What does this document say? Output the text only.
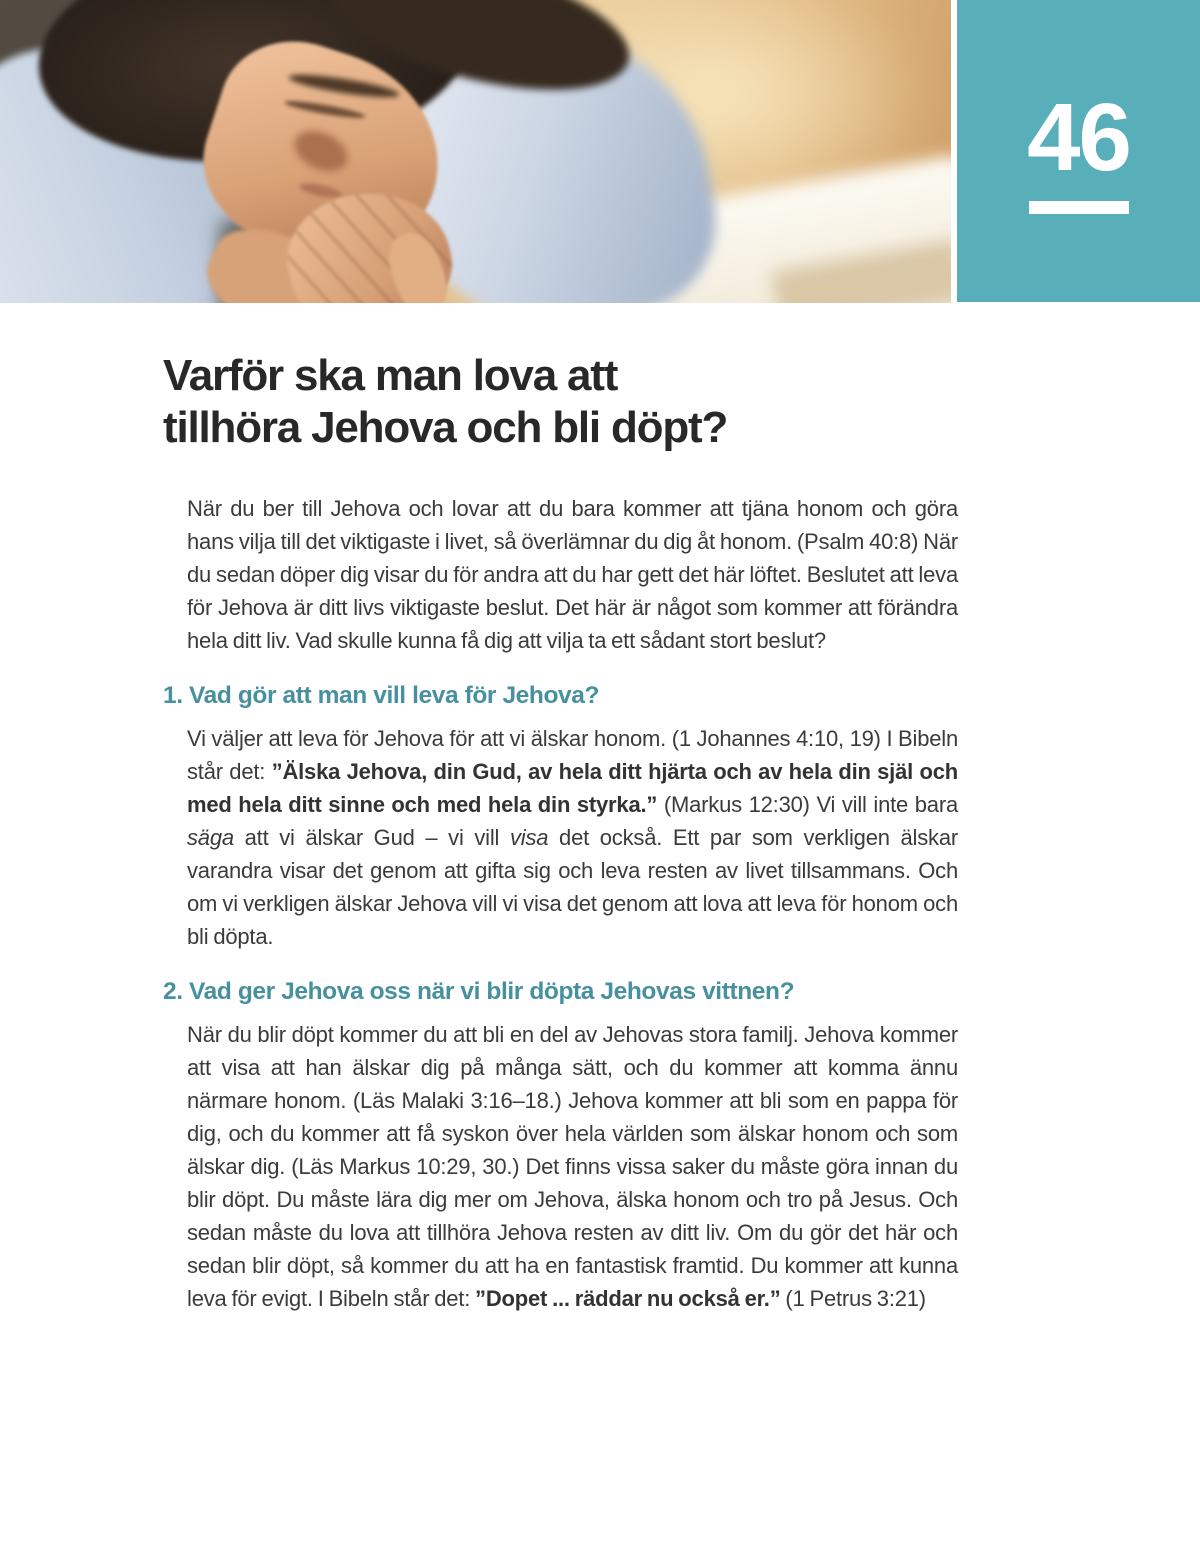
46
Varför ska man lova att
tillhöra Jehova och bli döpt?

När du ber till Jehova och lovar att du bara kommer att tjäna honom och göra hans vilja till det viktigaste i livet, så överlämnar du dig åt honom. (Psalm 40:8) När du sedan döper dig visar du för andra att du har gett det här löftet. Beslutet att leva för Jehova är ditt livs viktigaste beslut. Det här är något som kommer att förändra hela ditt liv. Vad skulle kunna få dig att vilja ta ett sådant stort beslut?

1. Vad gör att man vill leva för Jehova?

Vi väljer att leva för Jehova för att vi älskar honom. (1 Johannes 4:10, 19) I Bibeln står det: ”Älska Jehova, din Gud, av hela ditt hjärta och av hela din själ och med hela ditt sinne och med hela din styrka.” (Markus 12:30) Vi vill inte bara säga att vi älskar Gud – vi vill visa det också. Ett par som verkligen älskar varandra visar det genom att gifta sig och leva resten av livet tillsammans. Och om vi verkligen älskar Jehova vill vi visa det genom att lova att leva för honom och bli döpta.

2. Vad ger Jehova oss när vi blir döpta Jehovas vittnen?

När du blir döpt kommer du att bli en del av Jehovas stora familj. Jehova kommer att visa att han älskar dig på många sätt, och du kommer att komma ännu närmare honom. (Läs Malaki 3:16–18.) Jehova kommer att bli som en pappa för dig, och du kommer att få syskon över hela världen som älskar honom och som älskar dig. (Läs Markus 10:29, 30.) Det finns vissa saker du måste göra innan du blir döpt. Du måste lära dig mer om Jehova, älska honom och tro på Jesus. Och sedan måste du lova att tillhöra Jehova resten av ditt liv. Om du gör det här och sedan blir döpt, så kommer du att ha en fantastisk framtid. Du kommer att kunna leva för evigt. I Bibeln står det: ”Dopet ... räddar nu också er.” (1 Petrus 3:21)
